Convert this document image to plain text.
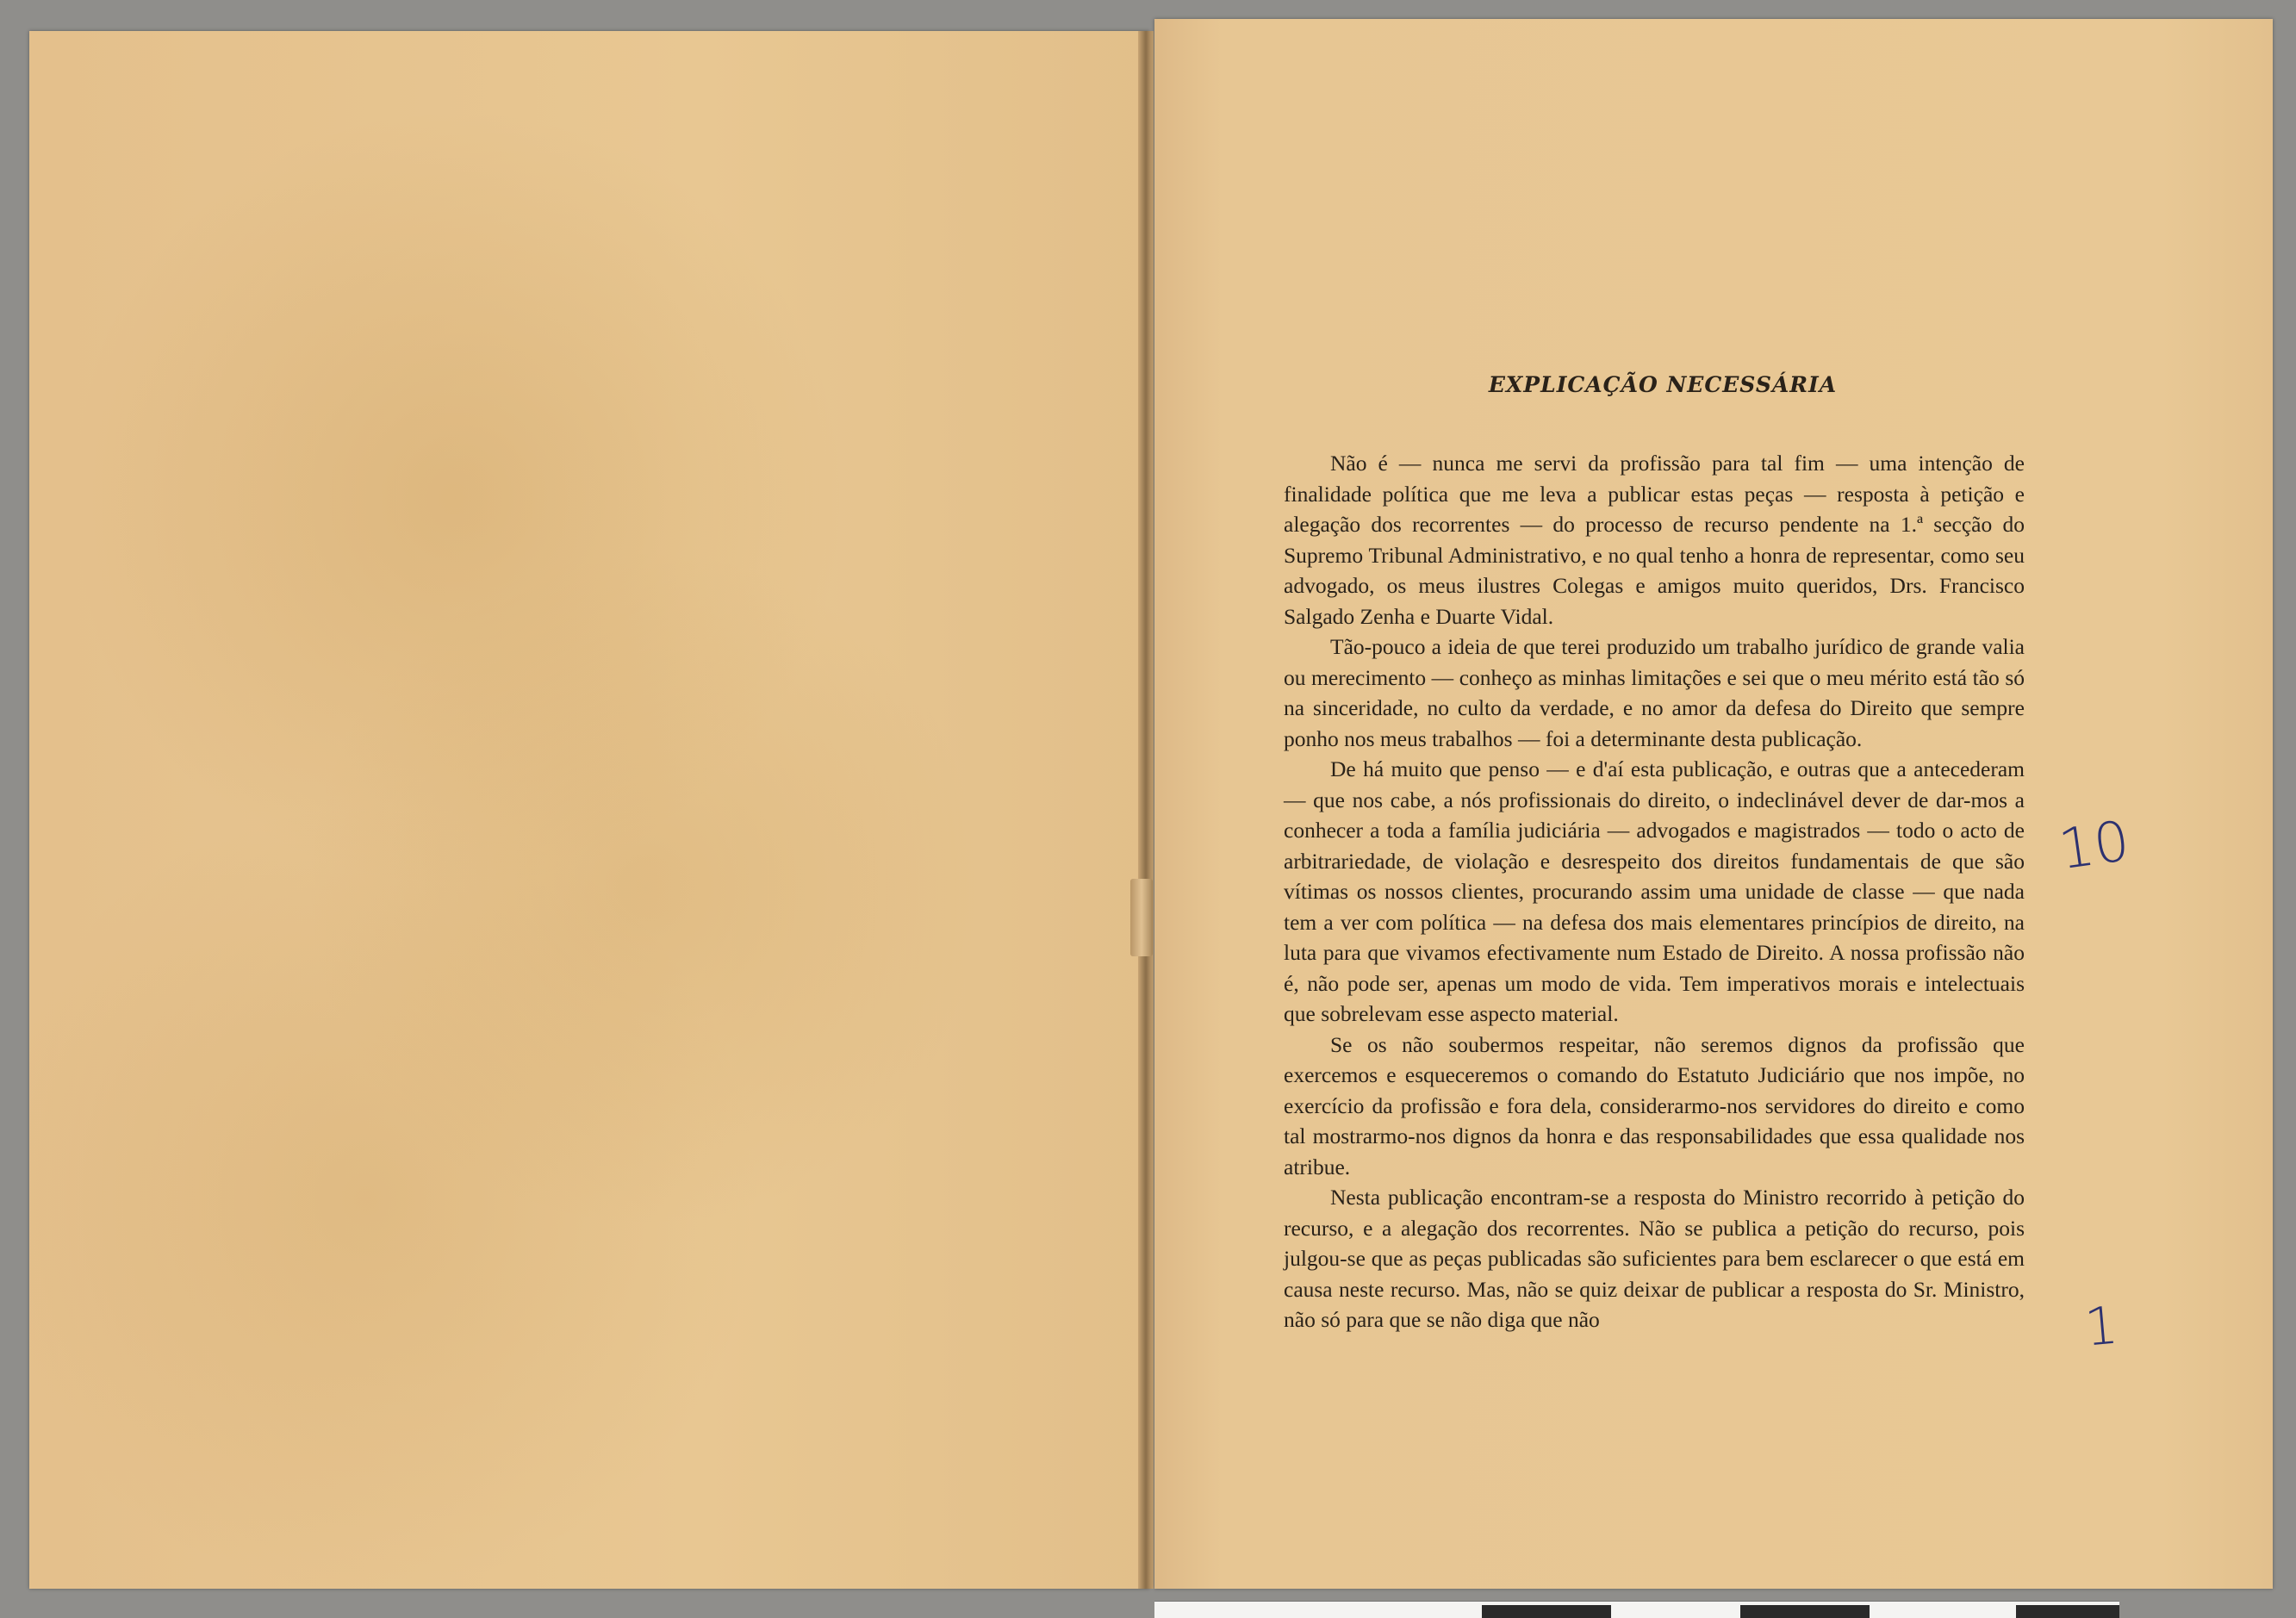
EXPLICAÇÃO NECESSÁRIA

Não é — nunca me servi da profissão para tal fim — uma intenção de finalidade política que me leva a publicar estas peças — resposta à petição e alegação dos recorrentes — do processo de recurso pendente na 1.ª secção do Supremo Tribunal Administrativo, e no qual tenho a honra de representar, como seu advogado, os meus ilustres Colegas e amigos muito queridos, Drs. Francisco Salgado Zenha e Duarte Vidal.

Tão-pouco a ideia de que terei produzido um trabalho jurídico de grande valia ou merecimento — conheço as minhas limitações e sei que o meu mérito está tão só na sinceridade, no culto da verdade, e no amor da defesa do Direito que sempre ponho nos meus trabalhos — foi a determinante desta publicação.

De há muito que penso — e d'aí esta publicação, e outras que a antecederam — que nos cabe, a nós profissionais do direito, o indeclinável dever de dar-mos a conhecer a toda a família judiciária — advogados e magistrados — todo o acto de arbitrariedade, de violação e desrespeito dos direitos fundamentais de que são vítimas os nossos clientes, procurando assim uma unidade de classe — que nada tem a ver com política — na defesa dos mais elementares princípios de direito, na luta para que vivamos efectivamente num Estado de Direito. A nossa profissão não é, não pode ser, apenas um modo de vida. Tem imperativos morais e intelectuais que sobrelevam esse aspecto material.

Se os não soubermos respeitar, não seremos dignos da profissão que exercemos e esqueceremos o comando do Estatuto Judiciário que nos impõe, no exercício da profissão e fora dela, considerarmo-nos servidores do direito e como tal mostrarmo-nos dignos da honra e das responsabilidades que essa qualidade nos atribue.

Nesta publicação encontram-se a resposta do Ministro recorrido à petição do recurso, e a alegação dos recorrentes. Não se publica a petição do recurso, pois julgou-se que as peças publicadas são suficientes para bem esclarecer o que está em causa neste recurso. Mas, não se quiz deixar de publicar a resposta do Sr. Ministro, não só para que se não diga que não

10
1
